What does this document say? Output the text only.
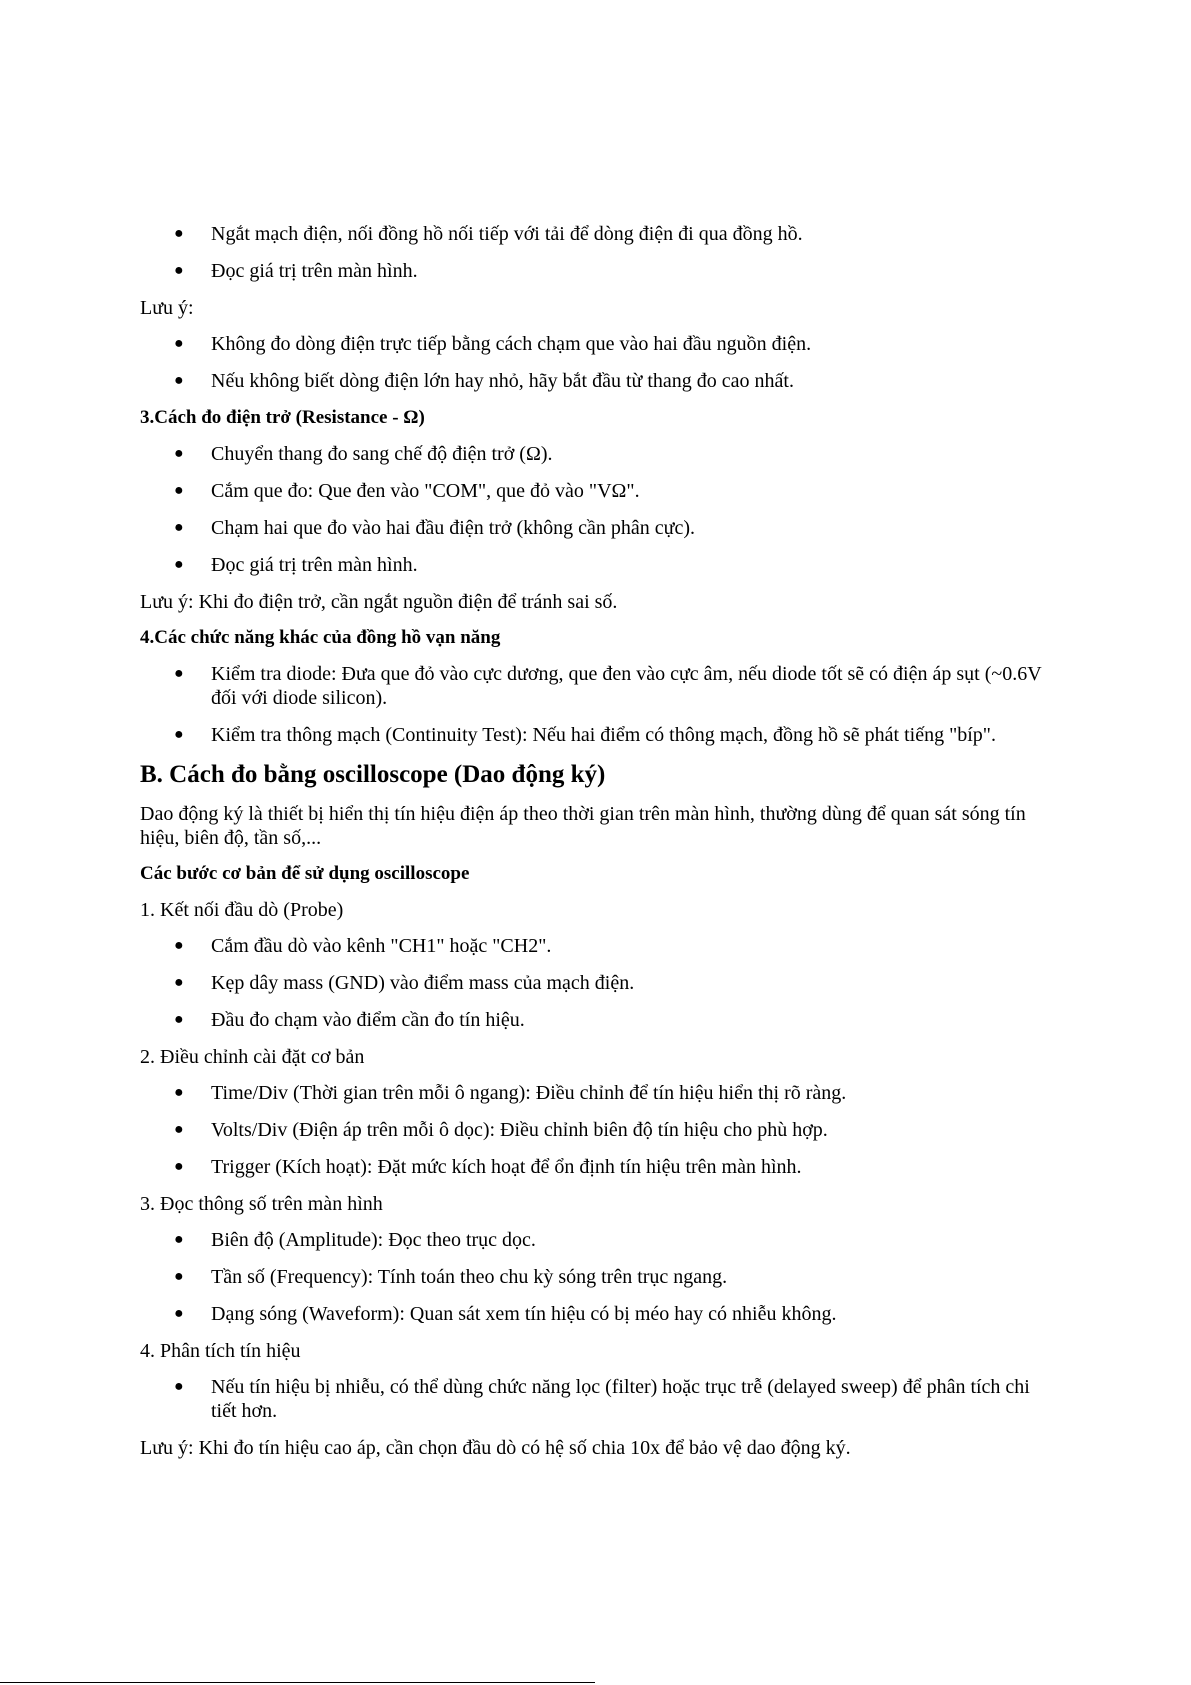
● Ngắt mạch điện, nối đồng hồ nối tiếp với tải để dòng điện đi qua đồng hồ.
● Đọc giá trị trên màn hình.
Lưu ý:
● Không đo dòng điện trực tiếp bằng cách chạm que vào hai đầu nguồn điện.
● Nếu không biết dòng điện lớn hay nhỏ, hãy bắt đầu từ thang đo cao nhất.
3.Cách đo điện trở (Resistance - Ω)
● Chuyển thang đo sang chế độ điện trở (Ω).
● Cắm que đo: Que đen vào "COM", que đỏ vào "VΩ".
● Chạm hai que đo vào hai đầu điện trở (không cần phân cực).
● Đọc giá trị trên màn hình.
Lưu ý: Khi đo điện trở, cần ngắt nguồn điện để tránh sai số.
4.Các chức năng khác của đồng hồ vạn năng
● Kiểm tra diode: Đưa que đỏ vào cực dương, que đen vào cực âm, nếu diode tốt sẽ có điện áp sụt (~0.6V đối với diode silicon).
● Kiểm tra thông mạch (Continuity Test): Nếu hai điểm có thông mạch, đồng hồ sẽ phát tiếng "bíp".
B. Cách đo bằng oscilloscope (Dao động ký)
Dao động ký là thiết bị hiển thị tín hiệu điện áp theo thời gian trên màn hình, thường dùng để quan sát sóng tín hiệu, biên độ, tần số,...
Các bước cơ bản để sử dụng oscilloscope
1. Kết nối đầu dò (Probe)
● Cắm đầu dò vào kênh "CH1" hoặc "CH2".
● Kẹp dây mass (GND) vào điểm mass của mạch điện.
● Đầu đo chạm vào điểm cần đo tín hiệu.
2. Điều chỉnh cài đặt cơ bản
● Time/Div (Thời gian trên mỗi ô ngang): Điều chỉnh để tín hiệu hiển thị rõ ràng.
● Volts/Div (Điện áp trên mỗi ô dọc): Điều chỉnh biên độ tín hiệu cho phù hợp.
● Trigger (Kích hoạt): Đặt mức kích hoạt để ổn định tín hiệu trên màn hình.
3. Đọc thông số trên màn hình
● Biên độ (Amplitude): Đọc theo trục dọc.
● Tần số (Frequency): Tính toán theo chu kỳ sóng trên trục ngang.
● Dạng sóng (Waveform): Quan sát xem tín hiệu có bị méo hay có nhiễu không.
4. Phân tích tín hiệu
● Nếu tín hiệu bị nhiễu, có thể dùng chức năng lọc (filter) hoặc trục trễ (delayed sweep) để phân tích chi tiết hơn.
Lưu ý: Khi đo tín hiệu cao áp, cần chọn đầu dò có hệ số chia 10x để bảo vệ dao động ký.
